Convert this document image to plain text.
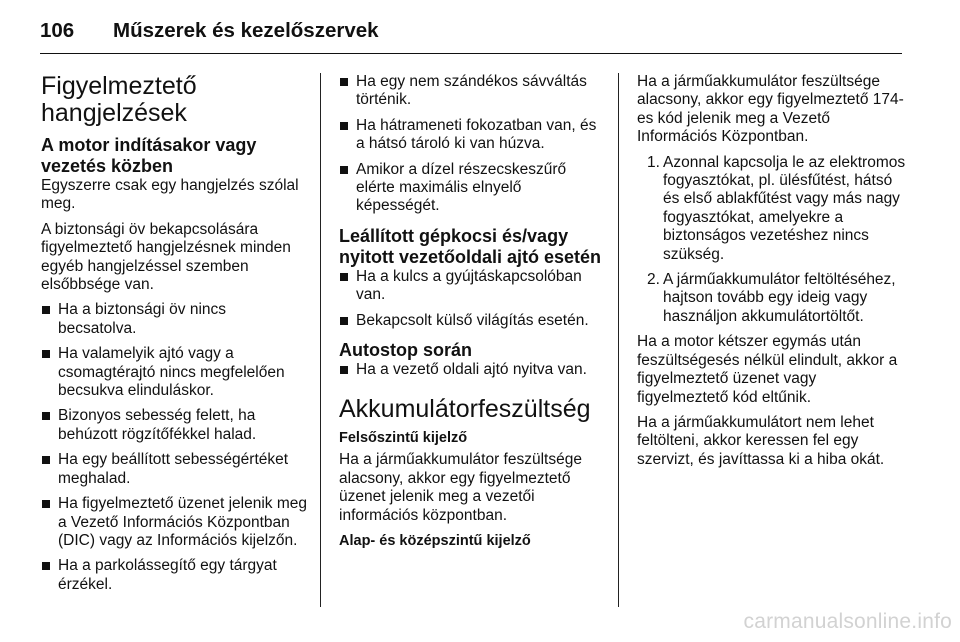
106 Műszerek és kezelőszervek
Figyelmeztető hangjelzések
A motor indításakor vagy vezetés közben

Egyszerre csak egy hangjelzés szólal meg.

A biztonsági öv bekapcsolására figyelmeztető hangjelzésnek minden egyéb hangjelzéssel szemben elsőbbsége van.

Ha a biztonsági öv nincs becsatolva.
Ha valamelyik ajtó vagy a csomagtérajtó nincs megfelelően becsukva elinduláskor.
Bizonyos sebesség felett, ha behúzott rögzítőfékkel halad.
Ha egy beállított sebességértéket meghalad.
Ha figyelmeztető üzenet jelenik meg a Vezető Információs Központban (DIC) vagy az Információs kijelzőn.
Ha a parkolássegítő egy tárgyat érzékel.
Ha egy nem szándékos sávváltás történik.
Ha hátrameneti fokozatban van, és a hátsó tároló ki van húzva.
Amikor a dízel részecskeszűrő elérte maximális elnyelő képességét.
Leállított gépkocsi és/vagy nyitott vezetőoldali ajtó esetén
Ha a kulcs a gyújtáskapcsolóban van.
Bekapcsolt külső világítás esetén.
Autostop során
Ha a vezető oldali ajtó nyitva van.
Akkumulátorfeszültség
Felsőszintű kijelző

Ha a járműakkumulátor feszültsége alacsony, akkor egy figyelmeztető üzenet jelenik meg a vezetői információs központban.

Alap- és középszintű kijelző

Ha a járműakkumulátor feszültsége alacsony, akkor egy figyelmeztető 174-es kód jelenik meg a Vezető Információs Központban.

1. Azonnal kapcsolja le az elektromos fogyasztókat, pl. ülésfűtést, hátsó és első ablakfűtést vagy más nagy fogyasztókat, amelyekre a biztonságos vezetéshez nincs szükség.
2. A járműakkumulátor feltöltéséhez, hajtson tovább egy ideig vagy használjon akkumulátortöltőt.

Ha a motor kétszer egymás után feszültségesés nélkül elindult, akkor a figyelmeztető üzenet vagy figyelmeztető kód eltűnik.

Ha a járműakkumulátort nem lehet feltölteni, akkor keressen fel egy szervizt, és javíttassa ki a hiba okát.

carmanualsonline.info
